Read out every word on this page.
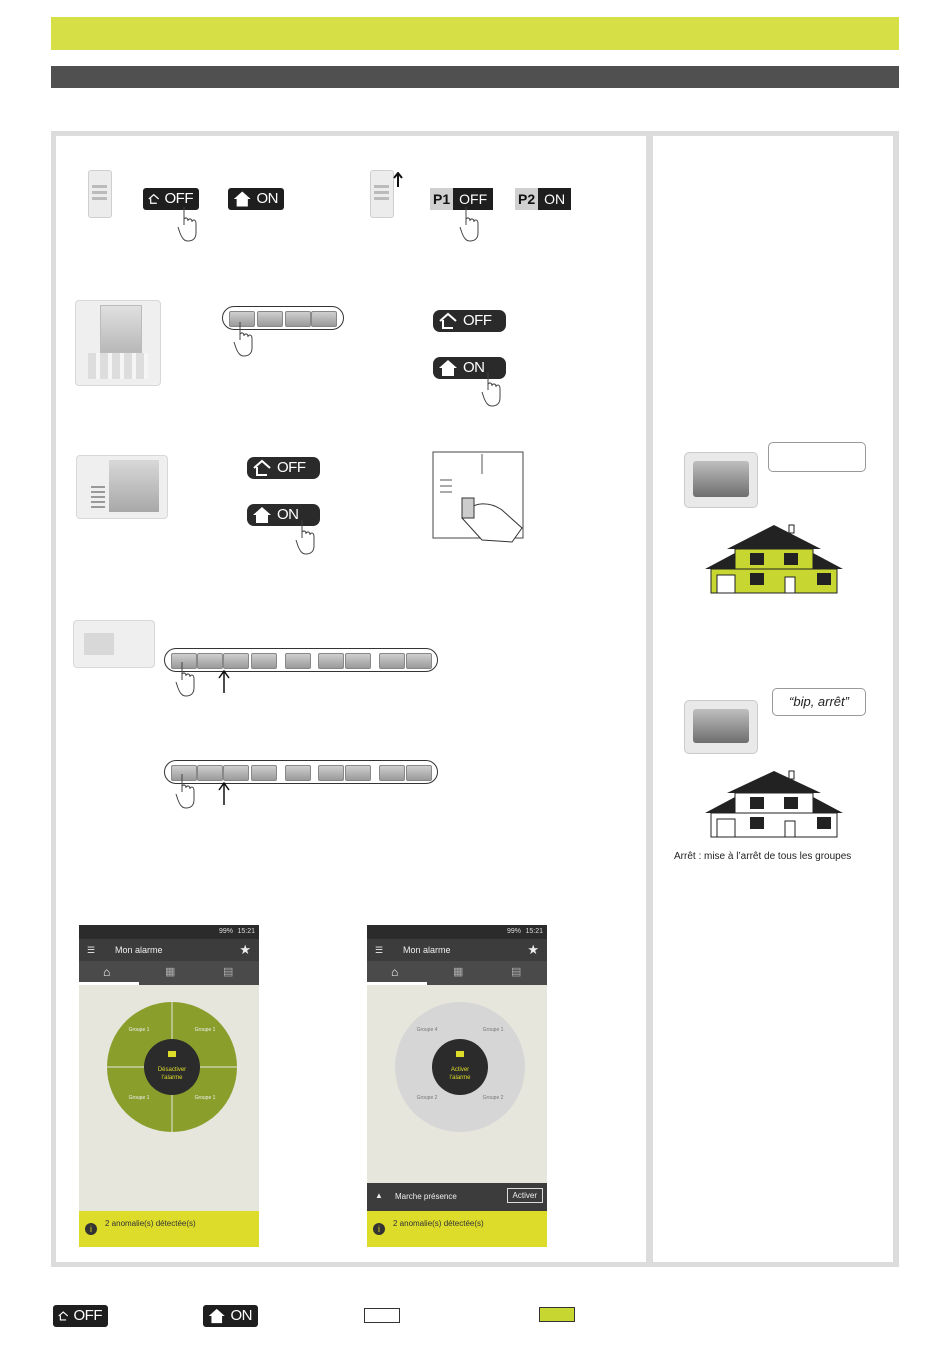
OFF	ON	P1 OFF	P2 ON
OFF
ON
OFF
ON
“bip, arrêt”
Arrêt : mise à l’arrêt de tous les groupes
99% 15:21
☰ Mon alarme	★
⌂	▦	▤
Désactiver
l’alarme
Groupe 1	Groupe 1
Groupe 1	Groupe 1
i
2 anomalie(s) détectée(s)
99% 15:21
☰ Mon alarme	★
⌂	▦	▤
Activer
l’alarme
Groupe 4	Groupe 1
Groupe 2	Groupe 2
▲ Marche présence	Activer
i
2 anomalie(s) détectée(s)
OFF	ON
